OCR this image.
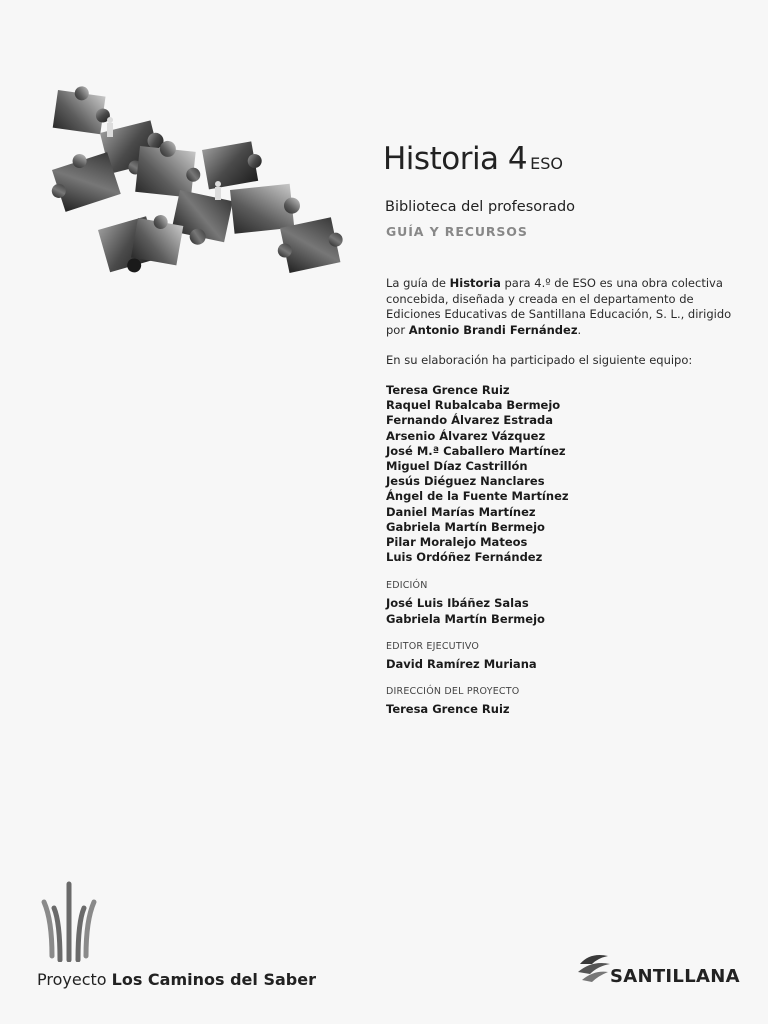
Historia 4 ESO
Biblioteca del profesorado
GUÍA Y RECURSOS
La guía de Historia para 4.º de ESO es una obra colectiva concebida, diseñada y creada en el departamento de Ediciones Educativas de Santillana Educación, S. L., dirigido por Antonio Brandi Fernández.
En su elaboración ha participado el siguiente equipo:
Teresa Grence Ruiz
Raquel Rubalcaba Bermejo
Fernando Álvarez Estrada
Arsenio Álvarez Vázquez
José M.ª Caballero Martínez
Miguel Díaz Castrillón
Jesús Diéguez Nanclares
Ángel de la Fuente Martínez
Daniel Marías Martínez
Gabriela Martín Bermejo
Pilar Moralejo Mateos
Luis Ordóñez Fernández
EDICIÓN
José Luis Ibáñez Salas
Gabriela Martín Bermejo
EDITOR EJECUTIVO
David Ramírez Muriana
DIRECCIÓN DEL PROYECTO
Teresa Grence Ruiz
Proyecto Los Caminos del Saber	SANTILLANA
